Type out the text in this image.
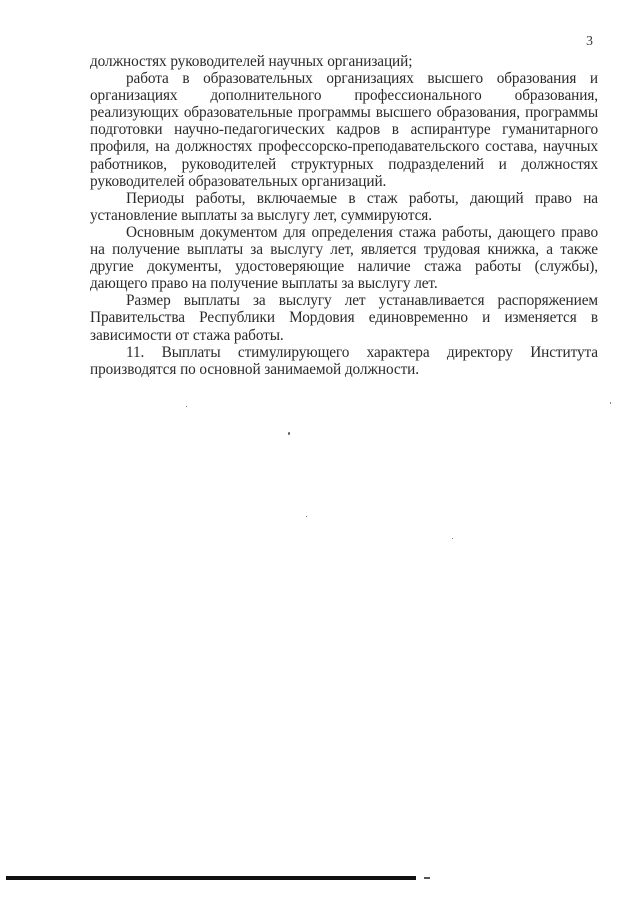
3

должностях руководителей научных организаций;

работа в образовательных организациях высшего образования и организациях дополнительного профессионального образования, реализующих образовательные программы высшего образования, программы подготовки научно-педагогических кадров в аспирантуре гуманитарного профиля, на должностях профессорско-преподавательского состава, научных работников, руководителей структурных подразделений и должностях руководителей образовательных организаций.

Периоды работы, включаемые в стаж работы, дающий право на установление выплаты за выслугу лет, суммируются.

Основным документом для определения стажа работы, дающего право на получение выплаты за выслугу лет, является трудовая книжка, а также другие документы, удостоверяющие наличие стажа работы (службы), дающего право на получение выплаты за выслугу лет.

Размер выплаты за выслугу лет устанавливается распоряжением Правительства Республики Мордовия единовременно и изменяется в зависимости от стажа работы.

11. Выплаты стимулирующего характера директору Института производятся по основной занимаемой должности.
